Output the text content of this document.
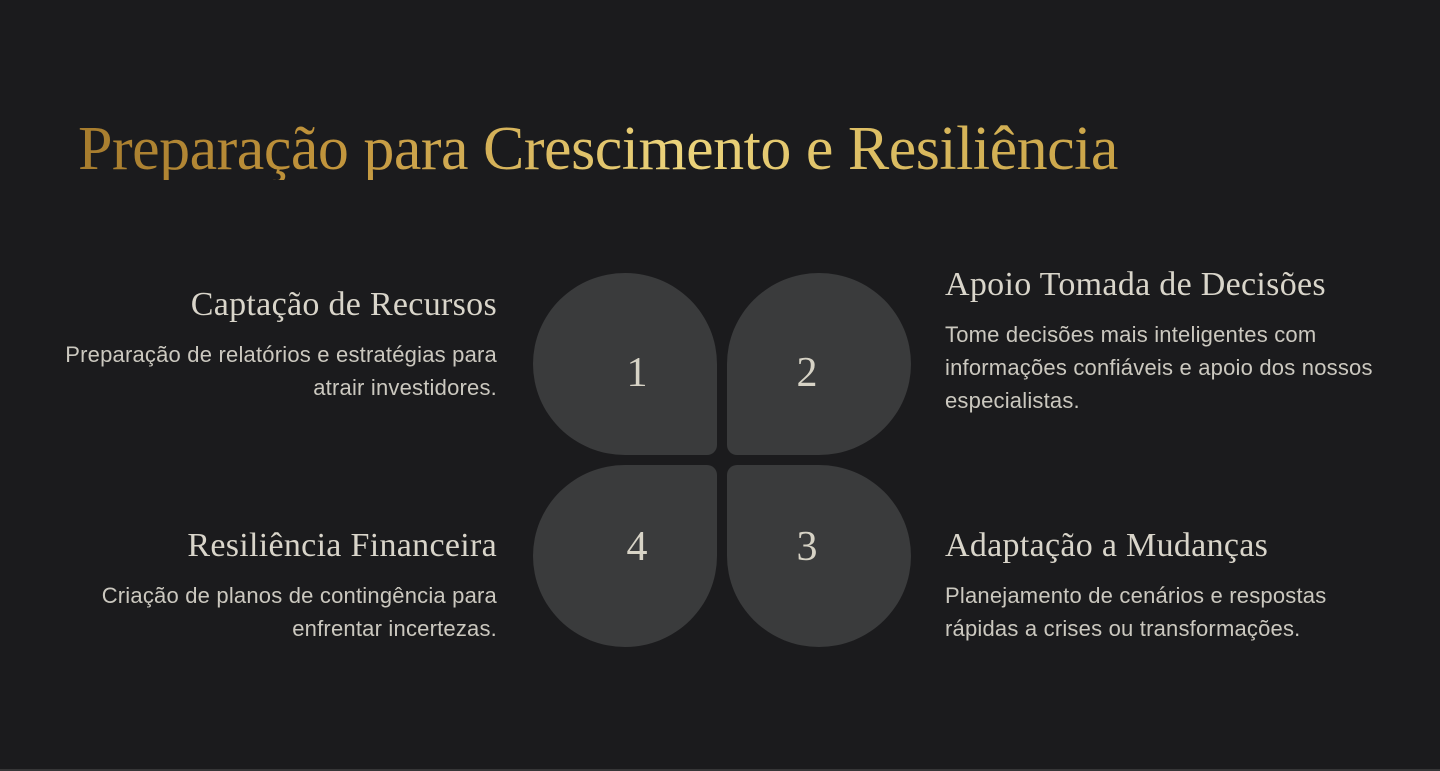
Preparação para Crescimento e Resiliência
Captação de Recursos

Preparação de relatórios e estratégias para atrair investidores.

Apoio Tomada de Decisões

Tome decisões mais inteligentes com informações confiáveis e apoio dos nossos especialistas.

Resiliência Financeira

Criação de planos de contingência para enfrentar incertezas.

Adaptação a Mudanças

Planejamento de cenários e respostas rápidas a crises ou transformações.

1	2
4	3
